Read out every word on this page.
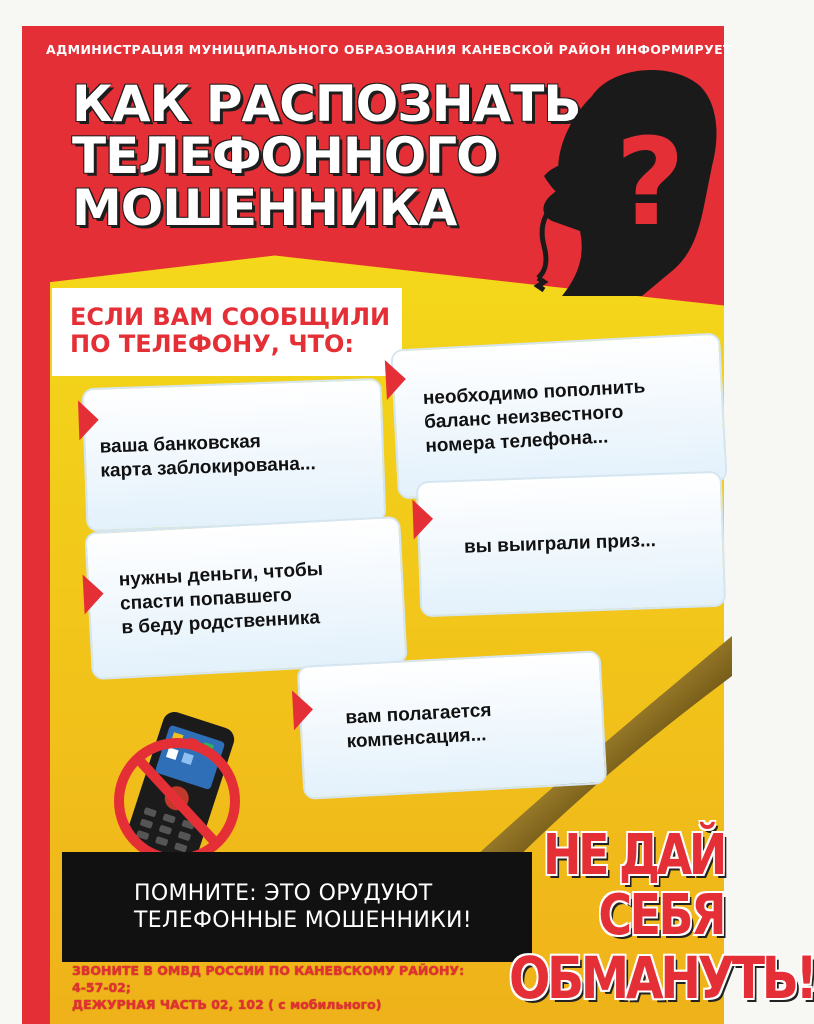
АДМИНИСТРАЦИЯ МУНИЦИПАЛЬНОГО ОБРАЗОВАНИЯ КАНЕВСКОЙ РАЙОН ИНФОРМИРУЕТ
КАК РАСПОЗНАТЬ
ТЕЛЕФОННОГО
МОШЕННИКА	?
ЕСЛИ ВАМ СООБЩИЛИ
ПО ТЕЛЕФОНУ, ЧТО:
ваша банковская
карта заблокирована...
необходимо пополнить
баланс неизвестного
номера телефона...
вы выиграли приз...
нужны деньги, чтобы
спасти попавшего
в беду родственника
вам полагается
компенсация...
ПОМНИТЕ: ЭТО ОРУДУЮТ
ТЕЛЕФОННЫЕ МОШЕННИКИ!
ЗВОНИТЕ В ОМВД РОССИИ ПО КАНЕВСКОМУ РАЙОНУ:
4-57-02;
ДЕЖУРНАЯ ЧАСТЬ 02, 102 ( с мобильного)
НЕ ДАЙ
СЕБЯ
ОБМАНУТЬ!
